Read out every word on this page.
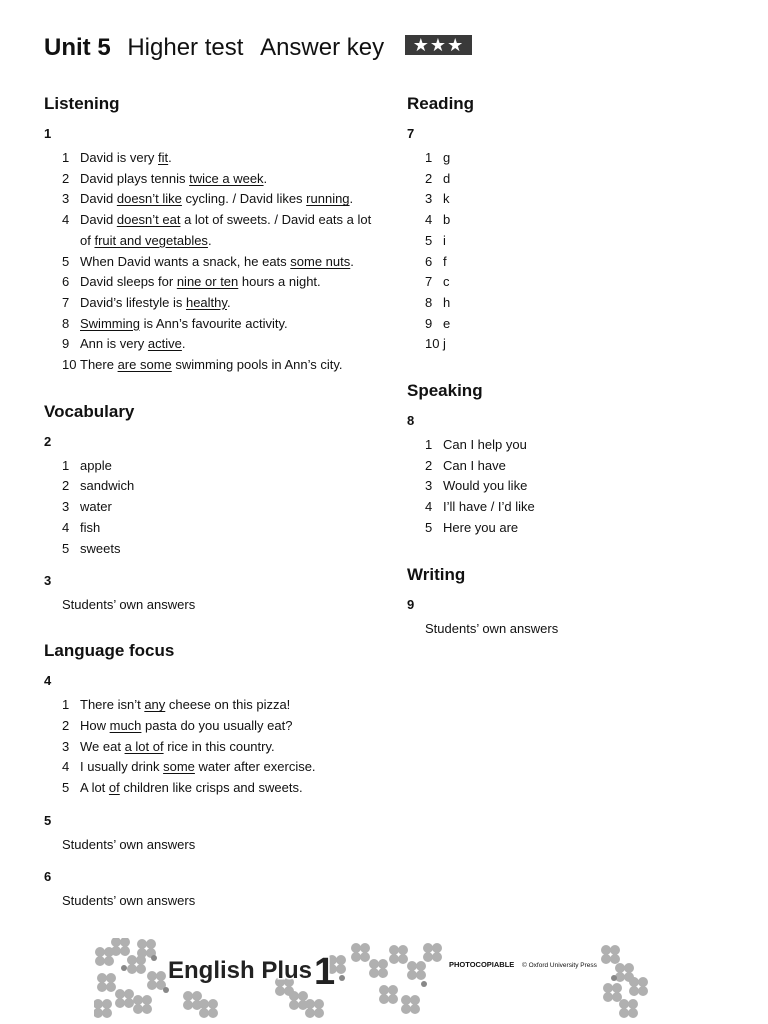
Unit 5 Higher test Answer key ★★★
Listening

1

1 David is very fit.
2 David plays tennis twice a week.
3 David doesn’t like cycling. / David likes running.
4 David doesn’t eat a lot of sweets. / David eats a lot of fruit and vegetables.
5 When David wants a snack, he eats some nuts.
6 David sleeps for nine or ten hours a night.
7 David’s lifestyle is healthy.
8 Swimming is Ann’s favourite activity.
9 Ann is very active.
10 There are some swimming pools in Ann’s city.
Vocabulary

2

1 apple
2 sandwich
3 water
4 fish
5 sweets

3

Students’ own answers

Language focus

4

1 There isn’t any cheese on this pizza!
2 How much pasta do you usually eat?
3 We eat a lot of rice in this country.
4 I usually drink some water after exercise.
5 A lot of children like crisps and sweets.

5

Students’ own answers

6

Students’ own answers

Reading

7

1 g
2 d
3 k
4 b
5 i
6 f
7 c
8 h
9 e
10 j
Speaking

8

1 Can I help you
2 Can I have
3 Would you like
4 I’ll have / I’d like
5 Here you are
Writing

9

Students’ own answers

English Plus 1	PHOTOCOPIABLE © Oxford University Press
